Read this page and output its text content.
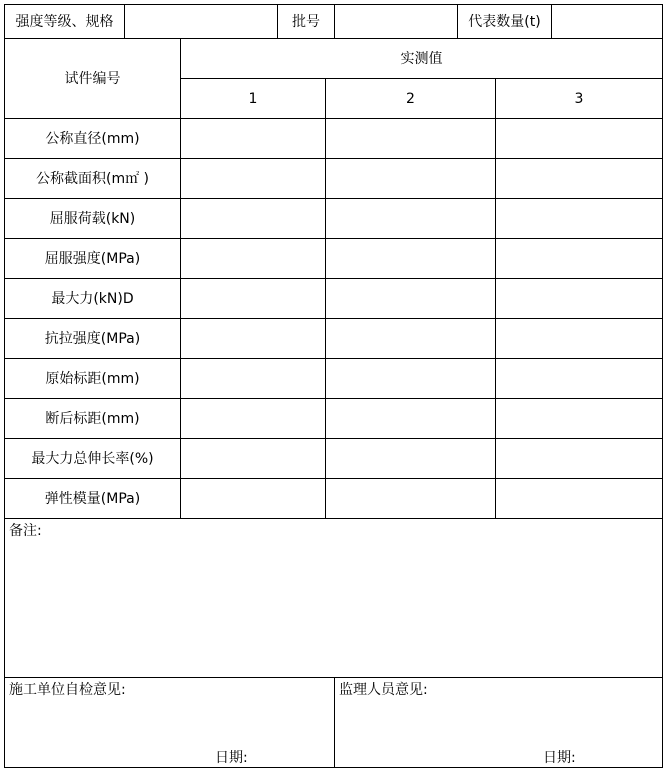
强度等级、规格	批号	代表数量(t)
试件编号
实测值
1	2	3
公称直径(mm)
公称截面积(m㎡ )
屈服荷载(kN)
屈服强度(MPa)
最大力(kN)D
抗拉强度(MPa)
原始标距(mm)
断后标距(mm)
最大力总伸长率(%)
弹性模量(MPa)
备注:
施工单位自检意见:
日期:
监理人员意见:
日期:
